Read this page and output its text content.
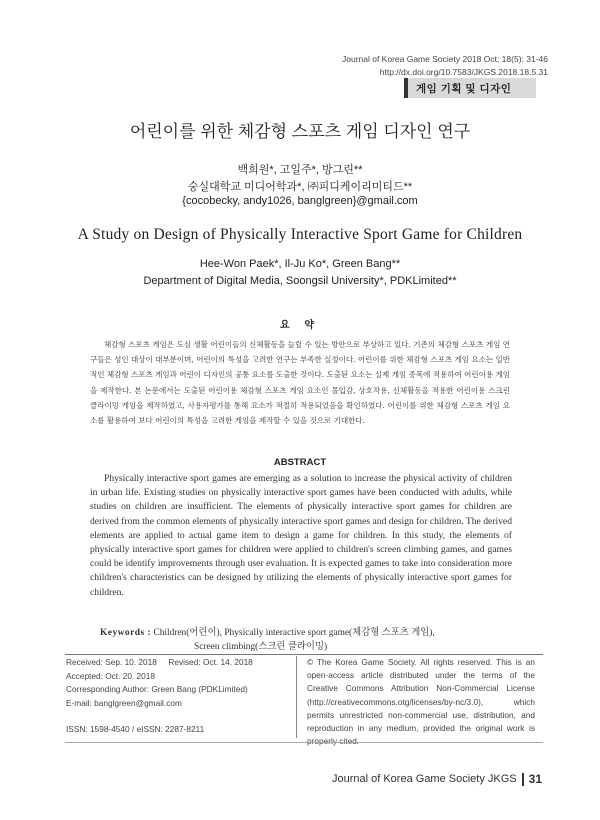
Journal of Korea Game Society 2018 Oct; 18(5): 31-46
http://dx.doi.org/10.7583/JKGS.2018.18.5.31
게임 기획 및 디자인
어린이를 위한 체감형 스포츠 게임 디자인 연구
백희원*, 고일주*, 방그린**
숭실대학교 미디어학과*, ㈜피디케이리미티드**
{cocobecky, andy1026, banglgreen}@gmail.com
A Study on Design of Physically Interactive Sport Game for Children
Hee-Won Paek*, Il-Ju Ko*, Green Bang**
Department of Digital Media, Soongsil University*, PDKLimited**
요 약

체감형 스포츠 게임은 도심 생활 어린이들의 신체활동을 늘릴 수 있는 방안으로 부상하고 있다. 기존의 체감형 스포츠 게임 연구들은 성인 대상이 대부분이며, 어린이의 특성을 고려한 연구는 부족한 실정이다. 어린이를 위한 체감형 스포츠 게임 요소는 일반적인 체감형 스포츠 게임과 어린이 디자인의 공통 요소를 도출한 것이다. 도출된 요소는 실제 게임 종목에 적용하여 어린이용 게임을 제작한다. 본 논문에서는 도출된 어린이용 체감형 스포츠 게임 요소인 몰입감, 상호작용, 신체활동을 적용한 어린이용 스크린 클라이밍 게임을 제작하였고, 사용자평가를 통해 요소가 적절히 적용되었음을 확인하였다. 어린이를 위한 체감형 스포츠 게임 요소를 활용하여 보다 어린이의 특성을 고려한 게임을 제작할 수 있을 것으로 기대한다.

ABSTRACT

Physically interactive sport games are emerging as a solution to increase the physical activity of children in urban life. Existing studies on physically interactive sport games have been conducted with adults, while studies on children are insufficient. The elements of physically interactive sport games for children are derived from the common elements of physically interactive sport games and design for children. The derived elements are applied to actual game item to design a game for children. In this study, the elements of physically interactive sport games for children were applied to children's screen climbing games, and games could be identify improvements through user evaluation. It is expected games to take into consideration more children's characteristics can be designed by utilizing the elements of physically interactive sport games for children.

Keywords : Children(어린이), Physically interactive sport game(체감형 스포츠 게임),
Screen climbing(스크린 클라이밍)
Received: Sep. 10. 2018     Revised: Oct. 14. 2018
Accepted: Oct. 20. 2018
Corresponding Author: Green Bang (PDKLimited)
E-mail: banglgreen@gmail.com
ISSN: 1598-4540 / eISSN: 2287-8211
© The Korea Game Society. All rights reserved. This is an open-access article distributed under the terms of the Creative Commons Attribution Non-Commercial License (http://creativecommons.otg/licenses/by-nc/3.0), which permits unrestricted non-commercial use, distribution, and reproduction in any medium, provided the original work is
Journal of Korea Game Society JKGS 31
